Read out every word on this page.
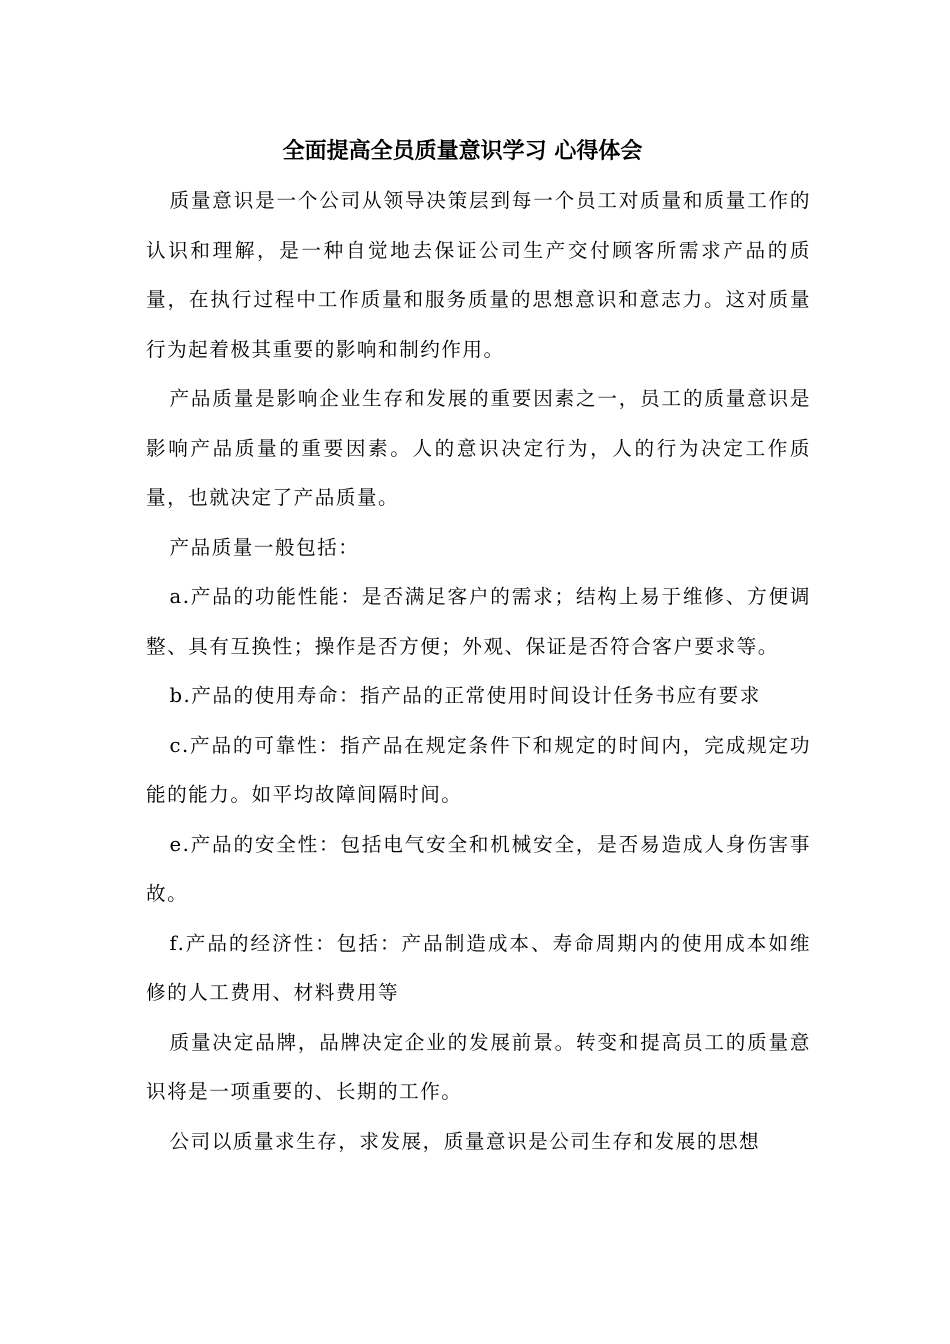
全面提高全员质量意识学习 心得体会

质量意识是一个公司从领导决策层到每一个员工对质量和质量工作的认识和理解，是一种自觉地去保证公司生产交付顾客所需求产品的质量，在执行过程中工作质量和服务质量的思想意识和意志力。这对质量行为起着极其重要的影响和制约作用。

产品质量是影响企业生存和发展的重要因素之一，员工的质量意识是影响产品质量的重要因素。人的意识决定行为，人的行为决定工作质量，也就决定了产品质量。

产品质量一般包括：

a.产品的功能性能：是否满足客户的需求；结构上易于维修、方便调整、具有互换性；操作是否方便；外观、保证是否符合客户要求等。

b.产品的使用寿命：指产品的正常使用时间设计任务书应有要求

c.产品的可靠性：指产品在规定条件下和规定的时间内，完成规定功能的能力。如平均故障间隔时间。

e.产品的安全性：包括电气安全和机械安全，是否易造成人身伤害事故。

f.产品的经济性：包括：产品制造成本、寿命周期内的使用成本如维修的人工费用、材料费用等

质量决定品牌，品牌决定企业的发展前景。转变和提高员工的质量意识将是一项重要的、长期的工作。

公司以质量求生存，求发展，质量意识是公司生存和发展的思想
